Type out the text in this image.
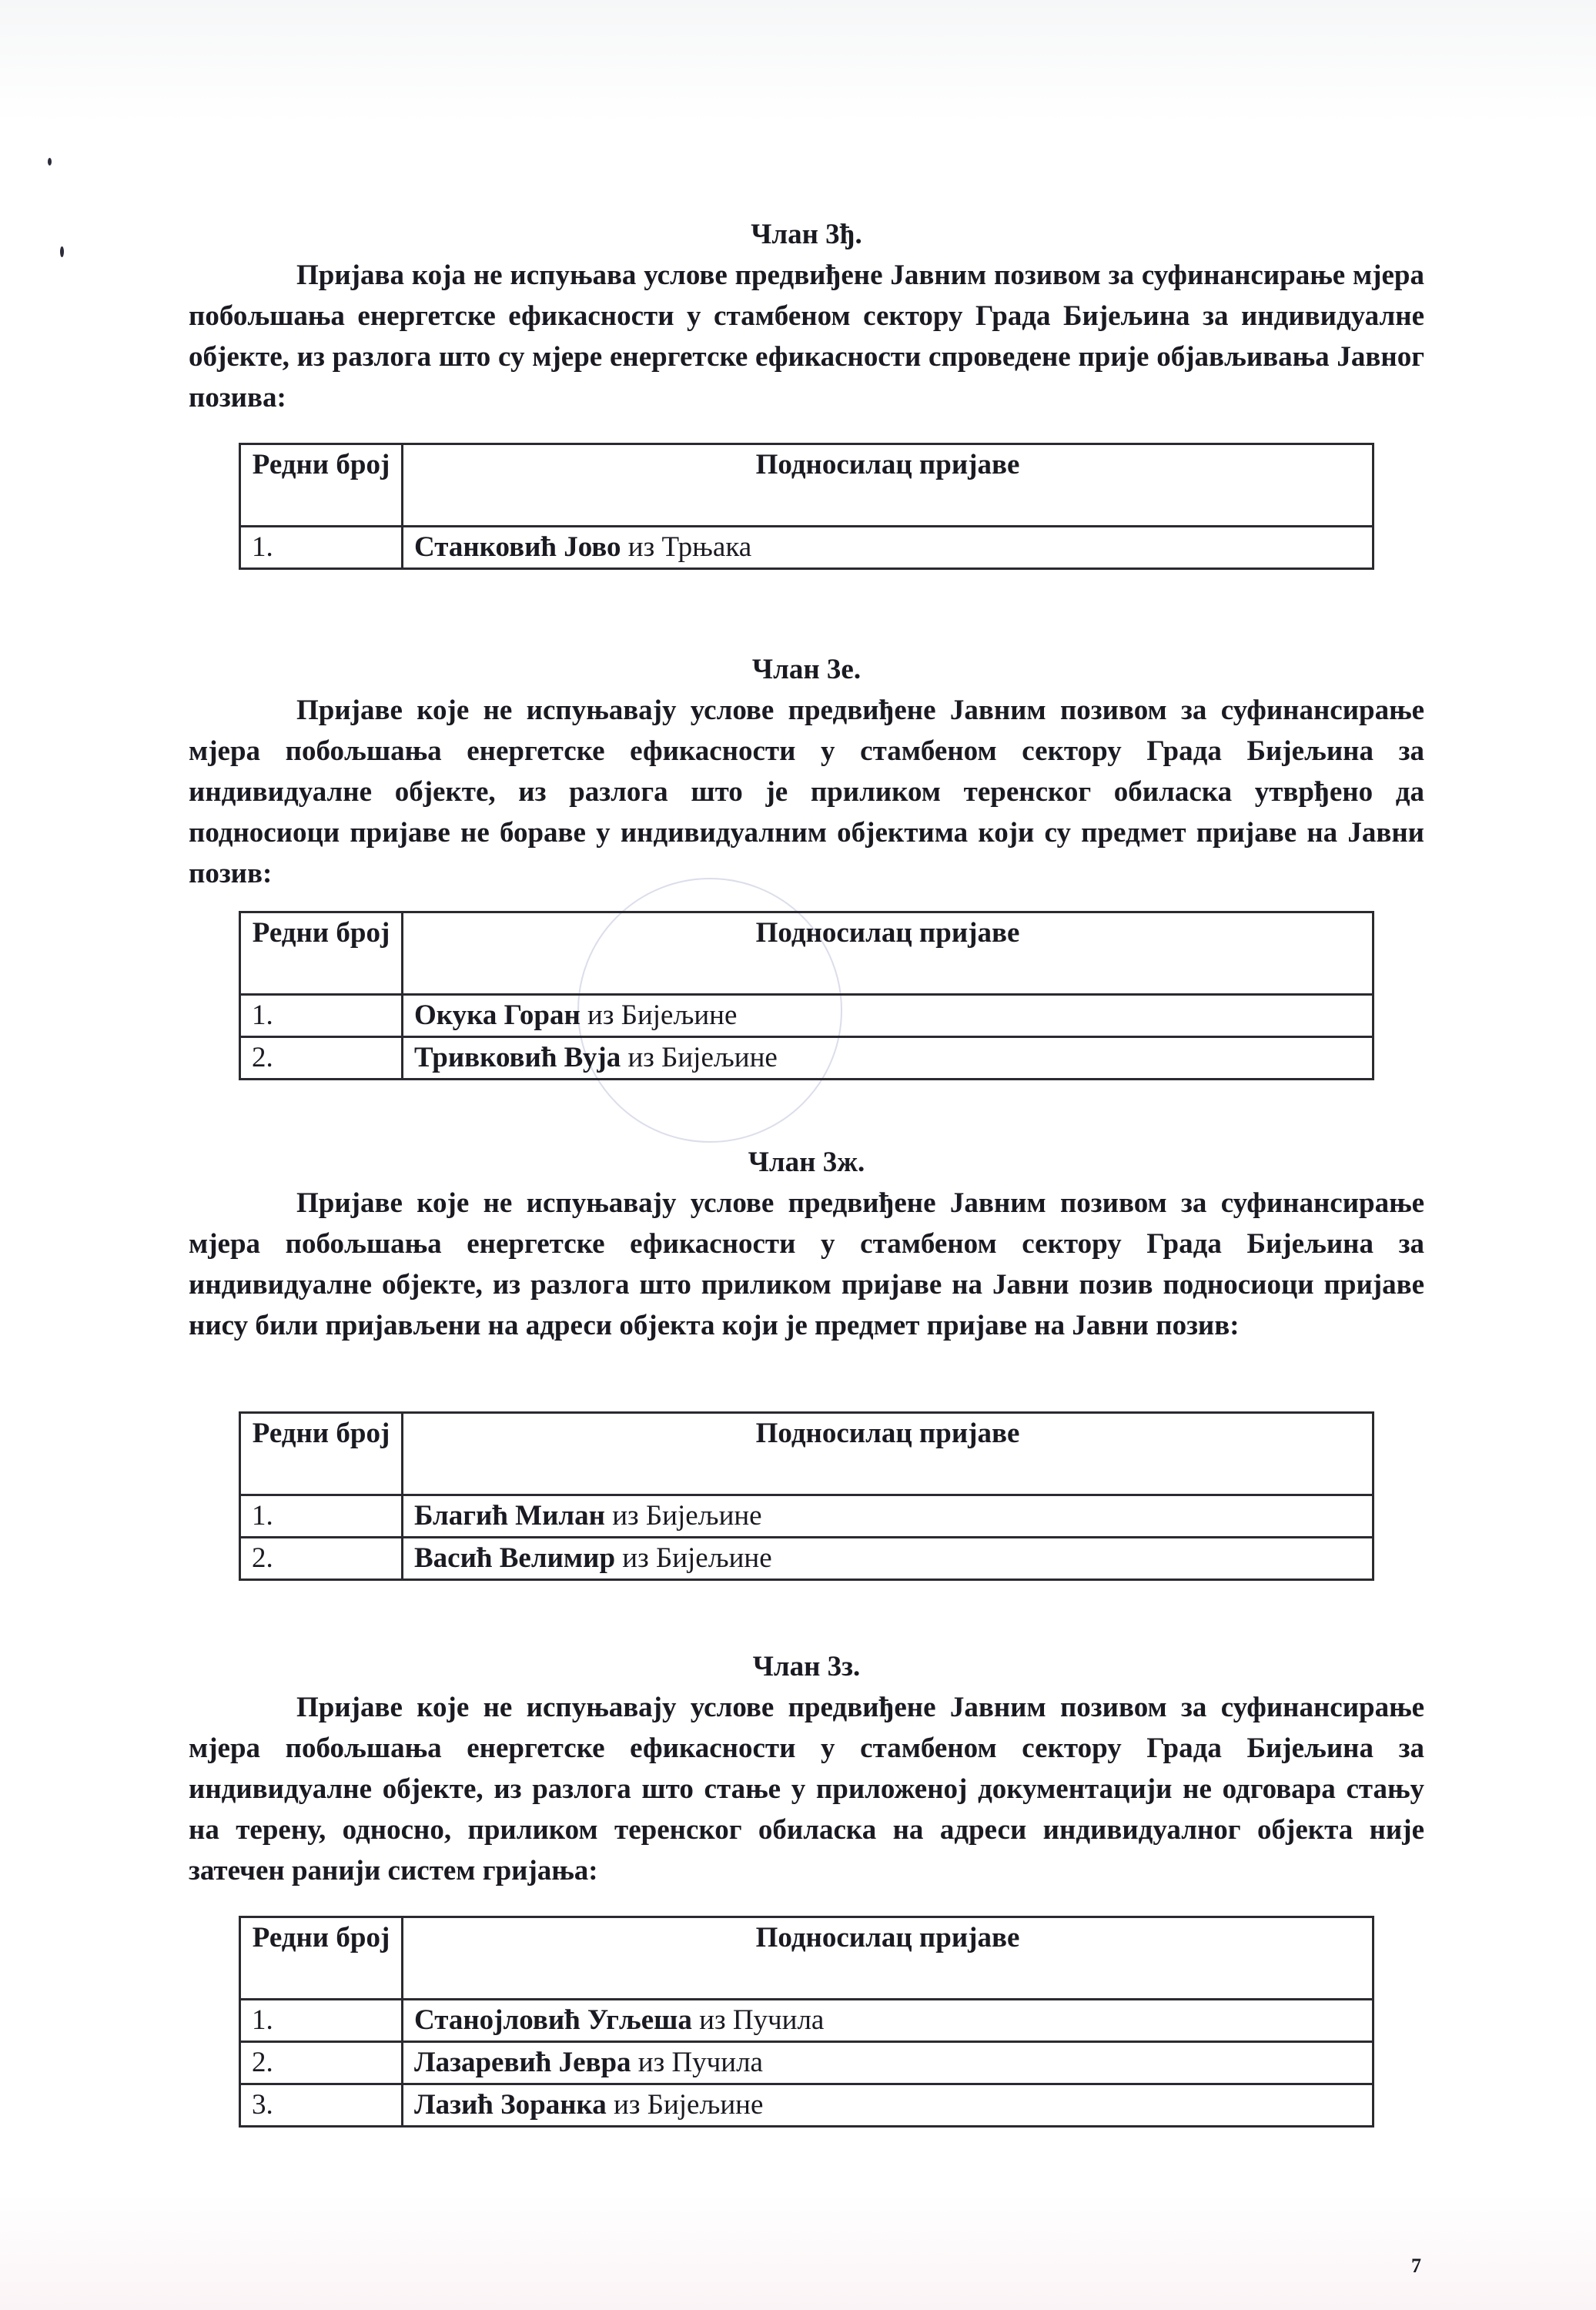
Члан 3ђ.

Пријава која не испуњава услове предвиђене Јавним позивом за суфинансирање мјера побољшања енергетске ефикасности у стамбеном сектору Града Бијељина за индивидуалне објекте, из разлога што су мјере енергетске ефикасности спроведене прије објављивања Јавног позива:

Редни број	Подносилац пријаве
1.	Станковић Јово из Трњака
Члан 3е.

Пријаве које не испуњавају услове предвиђене Јавним позивом за суфинансирање мјера побољшања енергетске ефикасности у стамбеном сектору Града Бијељина за индивидуалне објекте, из разлога што је приликом теренског обиласка утврђено да подносиоци пријаве не бораве у индивидуалним објектима који су предмет пријаве на Јавни позив:

Редни број	Подносилац пријаве
1.	Окука Горан из Бијељине
2.	Тривковић Вуја из Бијељине
Члан 3ж.

Пријаве које не испуњавају услове предвиђене Јавним позивом за суфинансирање мјера побољшања енергетске ефикасности у стамбеном сектору Града Бијељина за индивидуалне објекте, из разлога што приликом пријаве на Јавни позив подносиоци пријаве нису били пријављени на адреси објекта који је предмет пријаве на Јавни позив:

Редни број	Подносилац пријаве
1.	Благић Милан из Бијељине
2.	Васић Велимир из Бијељине
Члан 3з.

Пријаве које не испуњавају услове предвиђене Јавним позивом за суфинансирање мјера побољшања енергетске ефикасности у стамбеном сектору Града Бијељина за индивидуалне објекте, из разлога што стање у приложеној документацији не одговара стању на терену, односно, приликом теренског обиласка на адреси индивидуалног објекта није затечен ранији систем гријања:

Редни број	Подносилац пријаве
1.	Станојловић Угљеша из Пучила
2.	Лазаревић Јевра из Пучила
3.	Лазић Зоранка из Бијељине
7
